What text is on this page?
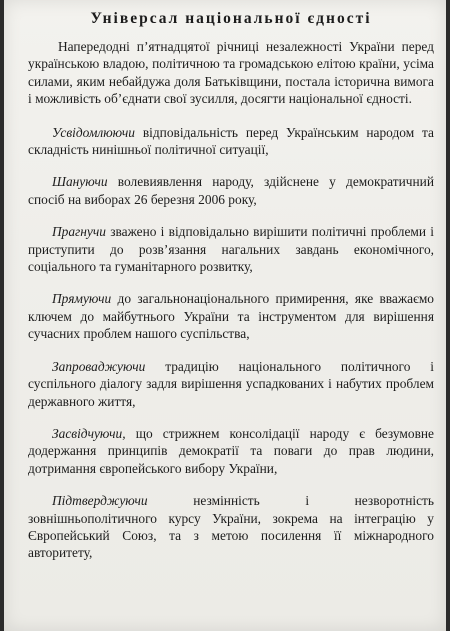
Універсал національної єдності

Напередодні п’ятнадцятої річниці незалежності України перед українською владою, політичною та громадською елітою країни, усіма силами, яким небайдужа доля Батьківщини, постала історична вимога і можливість об’єднати свої зусилля, досягти національної єдності.

Усвідомлюючи відповідальність перед Українським народом та складність нинішньої політичної ситуації,

Шануючи волевиявлення народу, здійснене у демократичний спосіб на виборах 26 березня 2006 року,

Прагнучи зважено і відповідально вирішити політичні проблеми і приступити до розв’язання нагальних завдань економічного, соціального та гуманітарного розвитку,

Прямуючи до загальнонаціонального примирення, яке вважаємо ключем до майбутнього України та інструментом для вирішення сучасних проблем нашого суспільства,

Запроваджуючи традицію національного політичного і суспільного діалогу задля вирішення успадкованих і набутих проблем державного життя,

Засвідчуючи, що стрижнем консолідації народу є безумовне додержання принципів демократії та поваги до прав людини, дотримання європейського вибору України,

Підтверджуючи незмінність і незворотність зовнішньополітичного курсу України, зокрема на інтеграцію у Європейський Союз, та з метою посилення її міжнародного авторитету,
